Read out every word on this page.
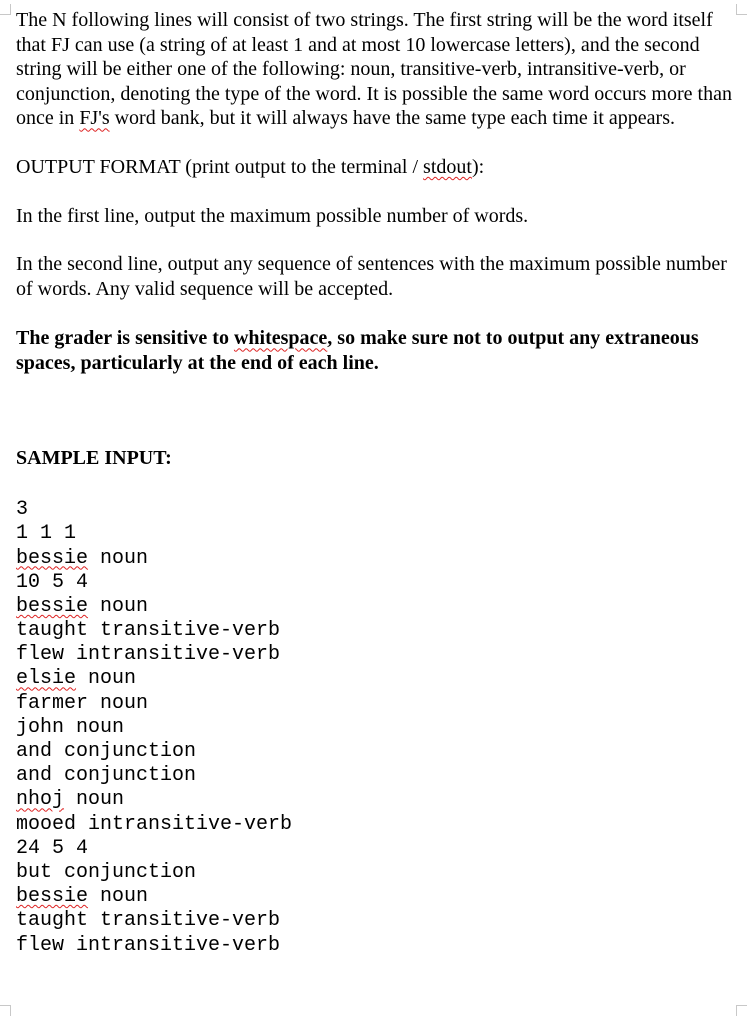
The N following lines will consist of two strings. The first string will be the word itself that FJ can use (a string of at least 1 and at most 10 lowercase letters), and the second string will be either one of the following: noun, transitive-verb, intransitive-verb, or conjunction, denoting the type of the word. It is possible the same word occurs more than once in FJ's word bank, but it will always have the same type each time it appears.

OUTPUT FORMAT (print output to the terminal / stdout):

In the first line, output the maximum possible number of words.

In the second line, output any sequence of sentences with the maximum possible number of words. Any valid sequence will be accepted.

The grader is sensitive to whitespace, so make sure not to output any extraneous spaces, particularly at the end of each line.

SAMPLE INPUT:

3
1 1 1
bessie noun
10 5 4
bessie noun
taught transitive-verb
flew intransitive-verb
elsie noun
farmer noun
john noun
and conjunction
and conjunction
nhoj noun
mooed intransitive-verb
24 5 4
but conjunction
bessie noun
taught transitive-verb
flew intransitive-verb
